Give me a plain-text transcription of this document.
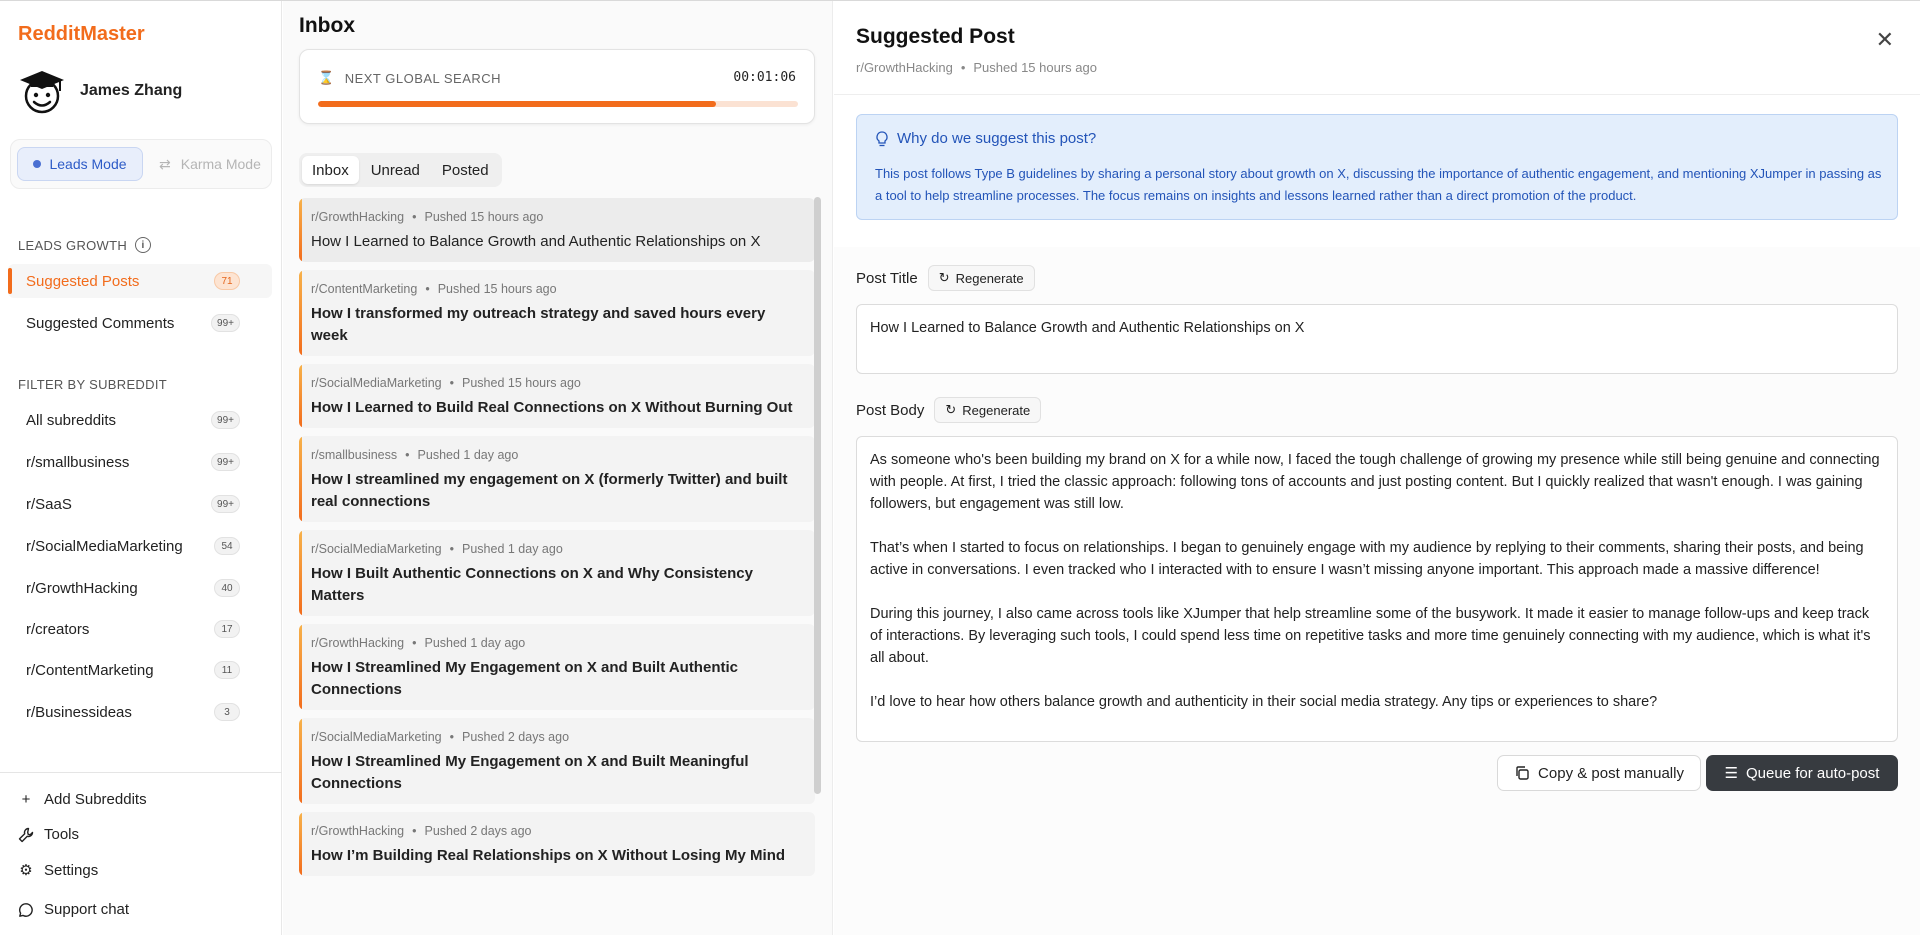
RedditMaster
James Zhang
Leads Mode ⇄ Karma Mode
LEADS GROWTH	i
Suggested Posts	71
Suggested Comments	99+
FILTER BY SUBREDDIT
All subreddits	99+
r/smallbusiness	99+
r/SaaS	99+
r/SocialMediaMarketing	54
r/GrowthHacking	40
r/creators	17
r/ContentMarketing	11
r/Businessideas	3
+ Add Subreddits
Tools
⚙ Settings
Support chat
Inbox
⌛ NEXT GLOBAL SEARCH	00:01:06
Inbox	Unread	Posted
r/GrowthHacking • Pushed 15 hours ago
How I Learned to Balance Growth and Authentic Relationships on X
r/ContentMarketing • Pushed 15 hours ago
How I transformed my outreach strategy and saved hours every week
r/SocialMediaMarketing • Pushed 15 hours ago
How I Learned to Build Real Connections on X Without Burning Out
r/smallbusiness • Pushed 1 day ago
How I streamlined my engagement on X (formerly Twitter) and built real connections
r/SocialMediaMarketing • Pushed 1 day ago
How I Built Authentic Connections on X and Why Consistency Matters
r/GrowthHacking • Pushed 1 day ago
How I Streamlined My Engagement on X and Built Authentic Connections
r/SocialMediaMarketing • Pushed 2 days ago
How I Streamlined My Engagement on X and Built Meaningful Connections
r/GrowthHacking • Pushed 2 days ago
How I’m Building Real Relationships on X Without Losing My Mind
Suggested Post
r/GrowthHacking • Pushed 15 hours ago
✕
Why do we suggest this post?
This post follows Type B guidelines by sharing a personal story about growth on X, discussing the importance of authentic engagement, and mentioning XJumper in passing as a tool to help streamline processes. The focus remains on insights and lessons learned rather than a direct promotion of the product.
Post Title ↻ Regenerate
How I Learned to Balance Growth and Authentic Relationships on X
Post Body ↻ Regenerate

As someone who's been building my brand on X for a while now, I faced the tough challenge of growing my presence while still being genuine and connecting with people. At first, I tried the classic approach: following tons of accounts and just posting content. But I quickly realized that wasn't enough. I was gaining followers, but engagement was still low.

That’s when I started to focus on relationships. I began to genuinely engage with my audience by replying to their comments, sharing their posts, and being active in conversations. I even tracked who I interacted with to ensure I wasn’t missing anyone important. This approach made a massive difference!

During this journey, I also came across tools like XJumper that help streamline some of the busywork. It made it easier to manage follow-ups and keep track of interactions. By leveraging such tools, I could spend less time on repetitive tasks and more time genuinely connecting with my audience, which is what it's all about.

I’d love to hear how others balance growth and authenticity in their social media strategy. Any tips or experiences to share?

Copy & post manually	☰ Queue for auto-post
